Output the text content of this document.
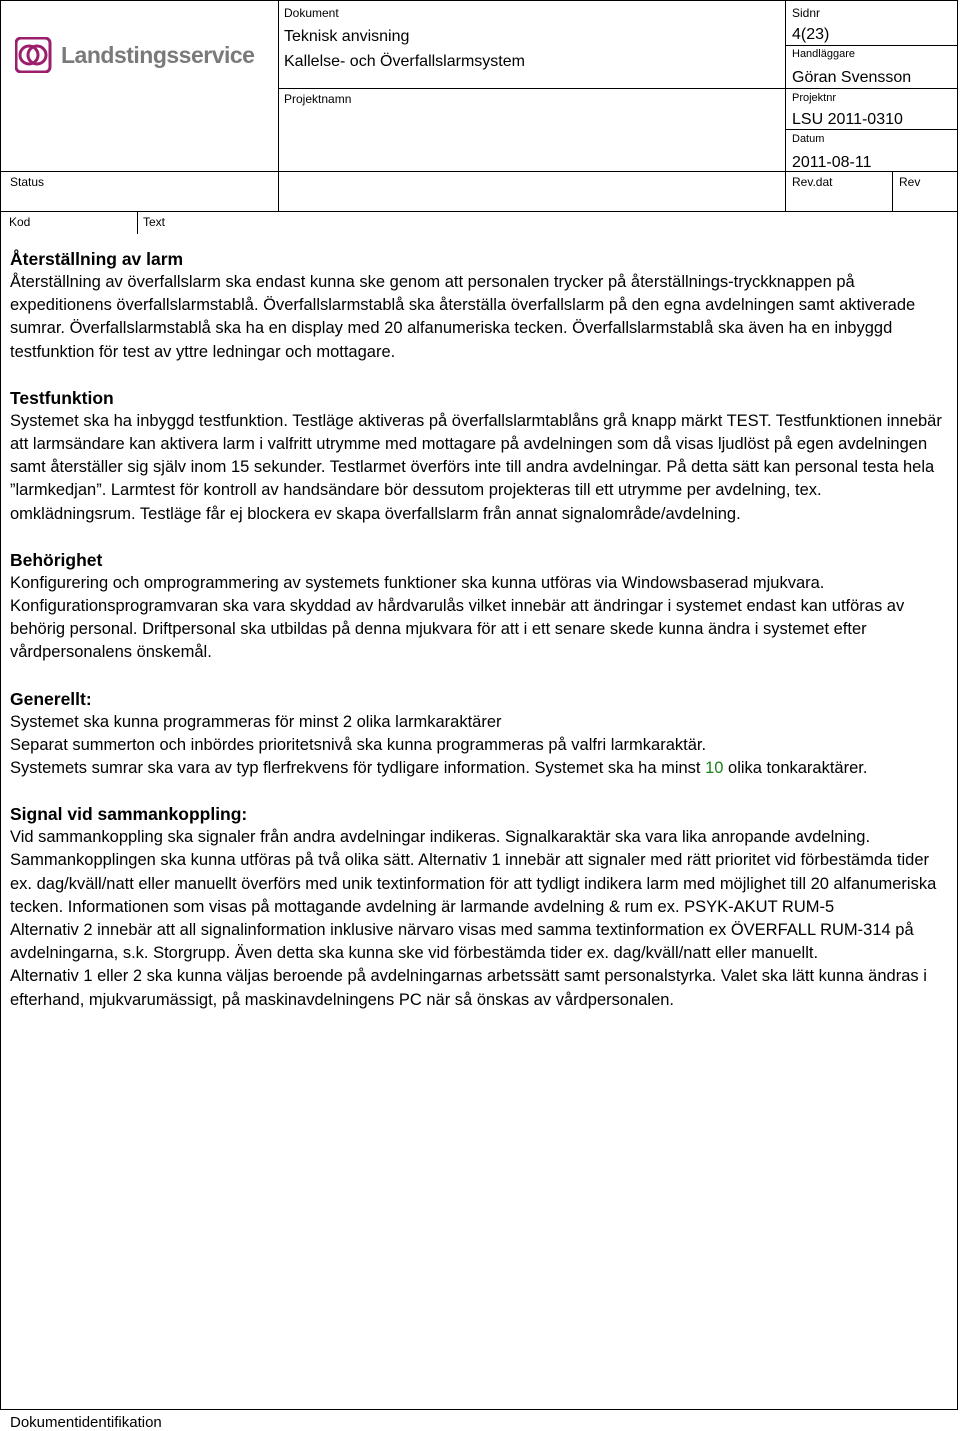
Landstingsservice
Dokument
Teknisk anvisning
Kallelse- och Överfallslarmsystem
Sidnr
4(23)
Handläggare
Göran Svensson
Projektnamn	Projektnr
LSU 2011-0310
Datum
2011-08-11
Status	Rev.dat	Rev
Kod	Text
Återställning av larm

Återställning av överfallslarm ska endast kunna ske genom att personalen trycker på återställnings-tryckknappen på expeditionens överfallslarmstablå. Överfallslarmstablå ska återställa överfallslarm på den egna avdelningen samt aktiverade sumrar. Överfallslarmstablå ska ha en display med 20 alfanumeriska tecken. Överfallslarmstablå ska även ha en inbyggd testfunktion för test av yttre ledningar och mottagare.

Testfunktion

Systemet ska ha inbyggd testfunktion. Testläge aktiveras på överfallslarmtablåns grå knapp märkt TEST. Testfunktionen innebär att larmsändare kan aktivera larm i valfritt utrymme med mottagare på avdelningen som då visas ljudlöst på egen avdelningen samt återställer sig själv inom 15 sekunder. Testlarmet överförs inte till andra avdelningar. På detta sätt kan personal testa hela ”larmkedjan”. Larmtest för kontroll av handsändare bör dessutom projekteras till ett utrymme per avdelning, tex. omklädningsrum. Testläge får ej blockera ev skapa överfallslarm från annat signalområde/avdelning.

Behörighet

Konfigurering och omprogrammering av systemets funktioner ska kunna utföras via Windowsbaserad mjukvara. Konfigurationsprogramvaran ska vara skyddad av hårdvarulås vilket innebär att ändringar i systemet endast kan utföras av behörig personal. Driftpersonal ska utbildas på denna mjukvara för att i ett senare skede kunna ändra i systemet efter vårdpersonalens önskemål.

Generellt:

Systemet ska kunna programmeras för minst 2 olika larmkaraktärer

Separat summerton och inbördes prioritetsnivå ska kunna programmeras på valfri larmkaraktär.

Systemets sumrar ska vara av typ flerfrekvens för tydligare information. Systemet ska ha minst 10 olika tonkaraktärer.

Signal vid sammankoppling:

Vid sammankoppling ska signaler från andra avdelningar indikeras. Signalkaraktär ska vara lika anropande avdelning. Sammankopplingen ska kunna utföras på två olika sätt. Alternativ 1 innebär att signaler med rätt prioritet vid förbestämda tider ex. dag/kväll/natt eller manuellt överförs med unik textinformation för att tydligt indikera larm med möjlighet till 20 alfanumeriska tecken. Informationen som visas på mottagande avdelning är larmande avdelning & rum ex. PSYK-AKUT RUM-5

Alternativ 2 innebär att all signalinformation inklusive närvaro visas med samma textinformation ex ÖVERFALL RUM-314 på avdelningarna, s.k. Storgrupp. Även detta ska kunna ske vid förbestämda tider ex. dag/kväll/natt eller manuellt.

Alternativ 1 eller 2 ska kunna väljas beroende på avdelningarnas arbetssätt samt personalstyrka. Valet ska lätt kunna ändras i efterhand, mjukvarumässigt, på maskinavdelningens PC när så önskas av vårdpersonalen.

Dokumentidentifikation
